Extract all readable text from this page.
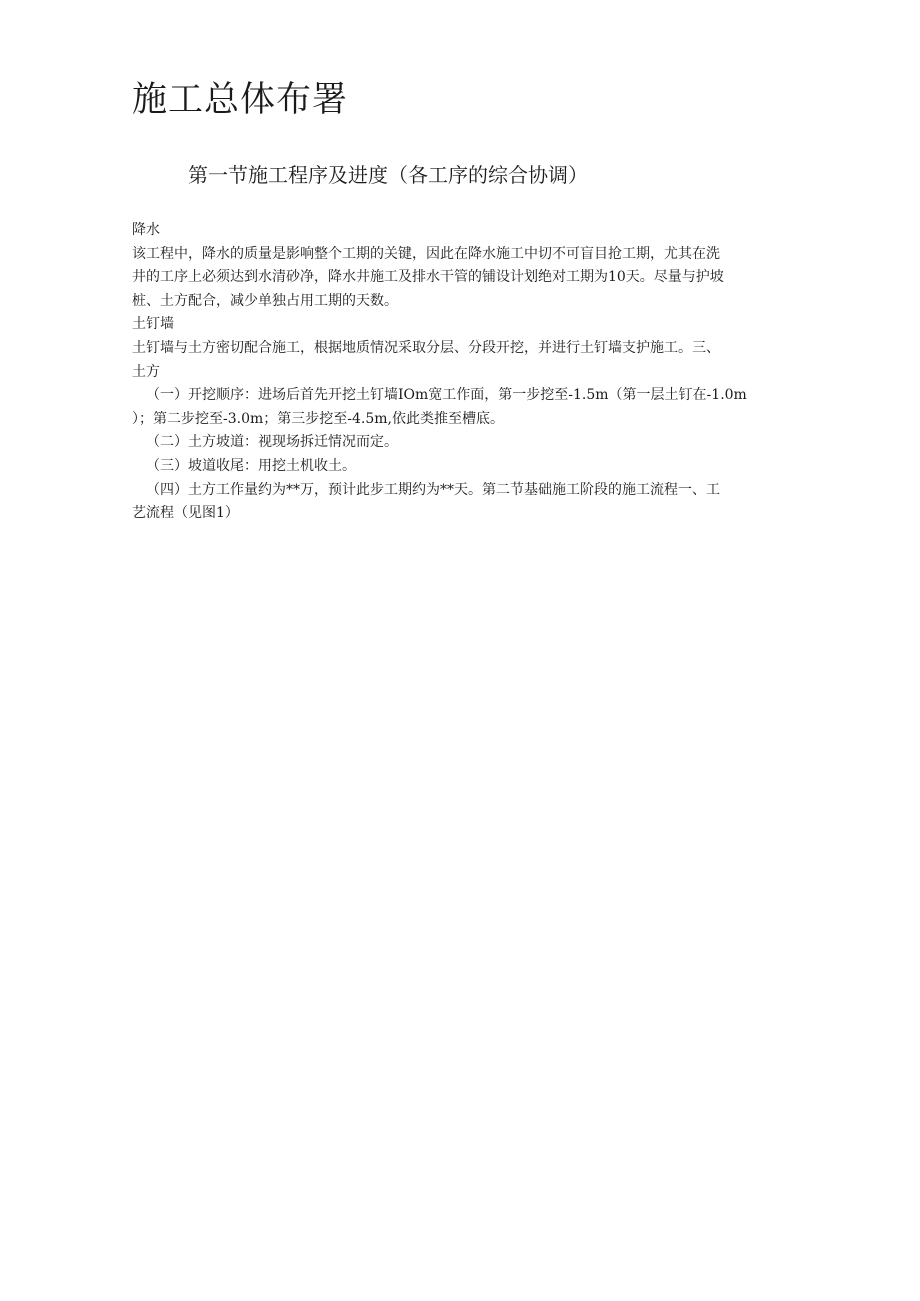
施工总体布署
第一节施工程序及进度（各工序的综合协调）

降水

该工程中，降水的质量是影响整个工期的关键，因此在降水施工中切不可盲目抢工期，尤其在洗
井的工序上必须达到水清砂净，降水井施工及排水干管的铺设计划绝对工期为10天。尽量与护坡
桩、土方配合，减少单独占用工期的天数。

土钉墙

土钉墙与土方密切配合施工，根据地质情况采取分层、分段开挖，并进行土钉墙支护施工。三、
土方

（一）开挖顺序：进场后首先开挖土钉墙IOm宽工作面，第一步挖至-1.5m（第一层土钉在-1.0m
）；第二步挖至-3.0m；第三步挖至-4.5m,依此类推至槽底。

（二）土方坡道：视现场拆迁情况而定。

（三）坡道收尾：用挖土机收土。

（四）土方工作量约为**万，预计此步工期约为**天。第二节基础施工阶段的施工流程一、工
艺流程（见图1）
